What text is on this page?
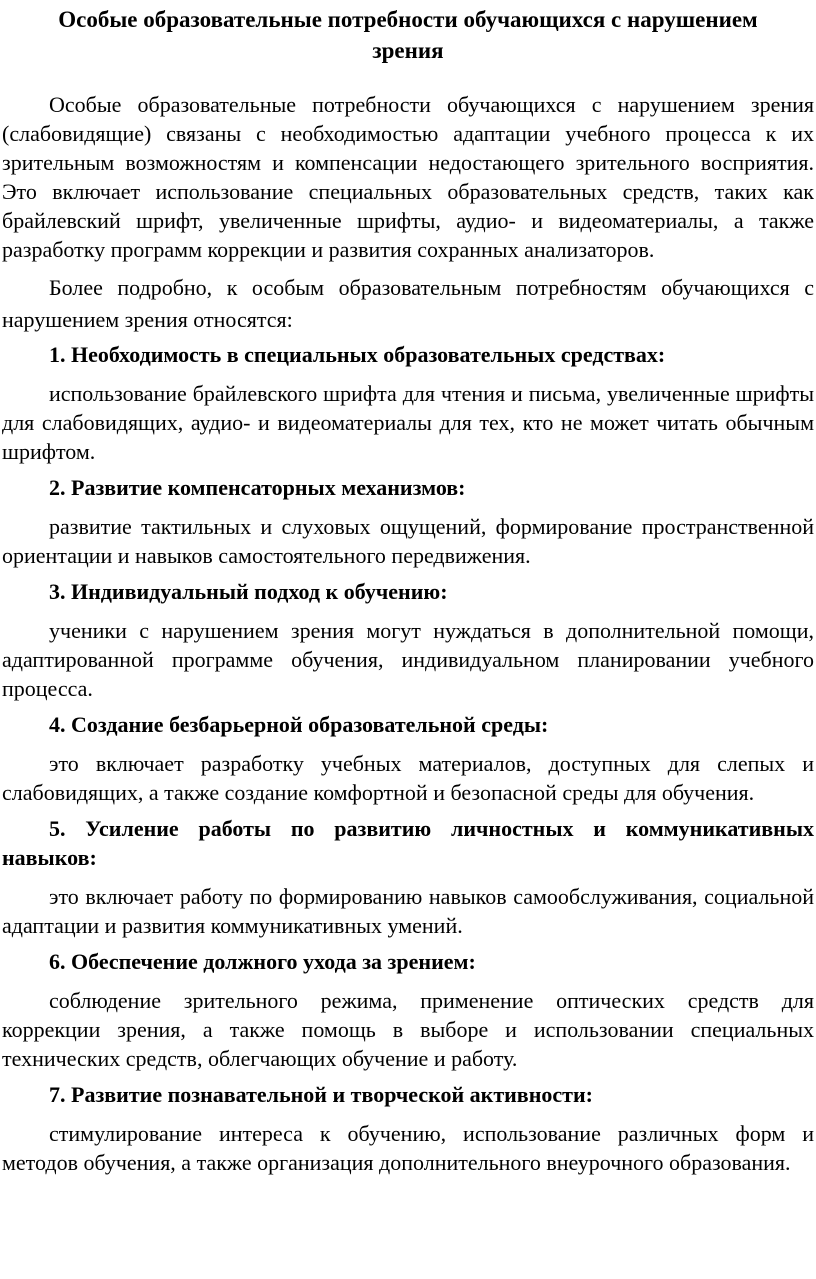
Особые образовательные потребности обучающихся с нарушением зрения

Особые образовательные потребности обучающихся с нарушением зрения (слабовидящие) связаны с необходимостью адаптации учебного процесса к их зрительным возможностям и компенсации недостающего зрительного восприятия. Это включает использование специальных образовательных средств, таких как брайлевский шрифт, увеличенные шрифты, аудио- и видеоматериалы, а также разработку программ коррекции и развития сохранных анализаторов.

Более подробно, к особым образовательным потребностям обучающихся с нарушением зрения относятся:

1. Необходимость в специальных образовательных средствах:

использование брайлевского шрифта для чтения и письма, увеличенные шрифты для слабовидящих, аудио- и видеоматериалы для тех, кто не может читать обычным шрифтом.

2. Развитие компенсаторных механизмов:

развитие тактильных и слуховых ощущений, формирование пространственной ориентации и навыков самостоятельного передвижения.

3. Индивидуальный подход к обучению:

ученики с нарушением зрения могут нуждаться в дополнительной помощи, адаптированной программе обучения, индивидуальном планировании учебного процесса.

4. Создание безбарьерной образовательной среды:

это включает разработку учебных материалов, доступных для слепых и слабовидящих, а также создание комфортной и безопасной среды для обучения.

5. Усиление работы по развитию личностных и коммуникативных навыков:

это включает работу по формированию навыков самообслуживания, социальной адаптации и развития коммуникативных умений.

6. Обеспечение должного ухода за зрением:

соблюдение зрительного режима, применение оптических средств для коррекции зрения, а также помощь в выборе и использовании специальных технических средств, облегчающих обучение и работу.

7. Развитие познавательной и творческой активности:

стимулирование интереса к обучению, использование различных форм и методов обучения, а также организация дополнительного внеурочного образования.
